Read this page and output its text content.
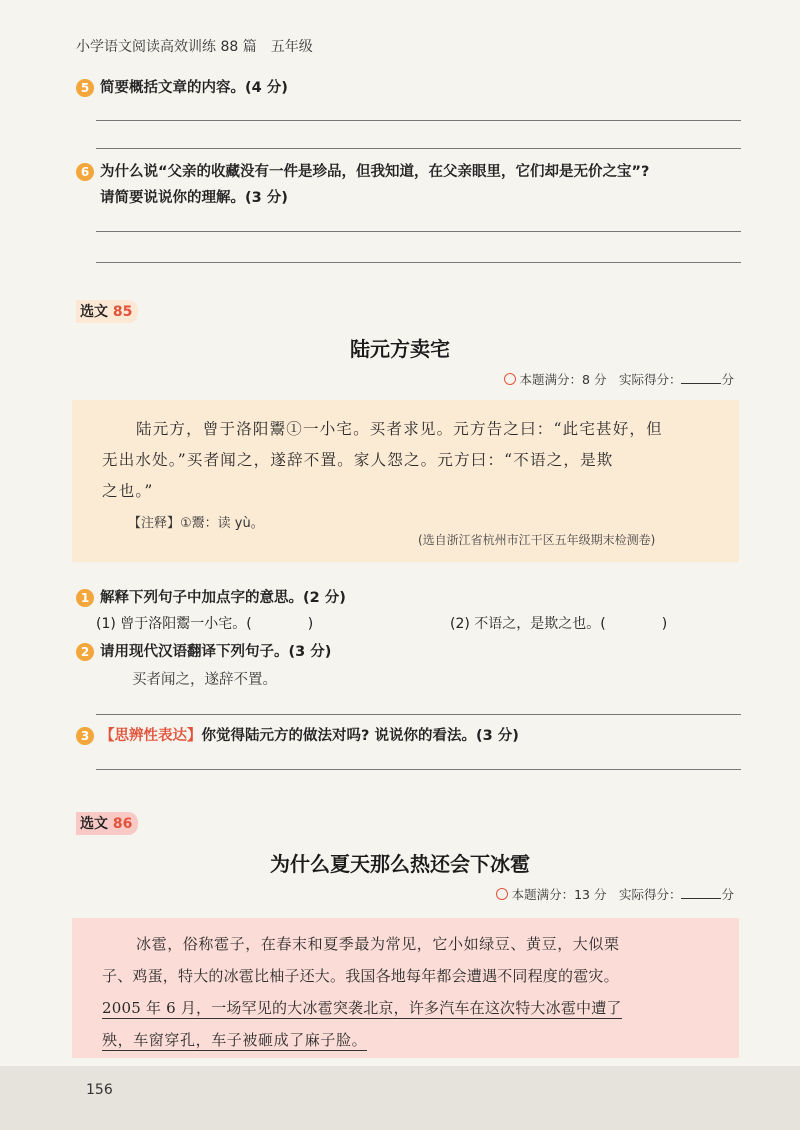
小学语文阅读高效训练 88 篇　五年级
5 简要概括文章的内容。(4 分)
6 为什么说“父亲的收藏没有一件是珍品，但我知道，在父亲眼里，它们却是无价之宝”?
请简要说说你的理解。(3 分)
选文 85
陆元方卖宅
本题满分：8 分　 实际得分：	分
陆元方，曾于洛阳鬻①一小宅。买者求见。元方告之曰：“此宅甚好，但
无出水处。”买者闻之，遂辞不置。家人怨之。元方曰：“不语之，是欺
之也。”
【注释】①鬻：读 yù。
(选自浙江省杭州市江干区五年级期末检测卷)
1 解释下列句子中加点字的意思。(2 分)
(1) 曾于洛阳鬻一小宅。(　　　　)	(2) 不语之，是欺之也。(　　　　)
2 请用现代汉语翻译下列句子。(3 分)
买者闻之，遂辞不置。
3 【思辨性表达】你觉得陆元方的做法对吗? 说说你的看法。(3 分)
选文 86
为什么夏天那么热还会下冰雹
本题满分：13 分　 实际得分：	分
冰雹，俗称雹子，在春末和夏季最为常见，它小如绿豆、黄豆，大似栗
子、鸡蛋，特大的冰雹比柚子还大。我国各地每年都会遭遇不同程度的雹灾。
2005 年 6 月，一场罕见的大冰雹突袭北京，许多汽车在这次特大冰雹中遭了
殃，车窗穿孔，车子被砸成了麻子脸。
156
